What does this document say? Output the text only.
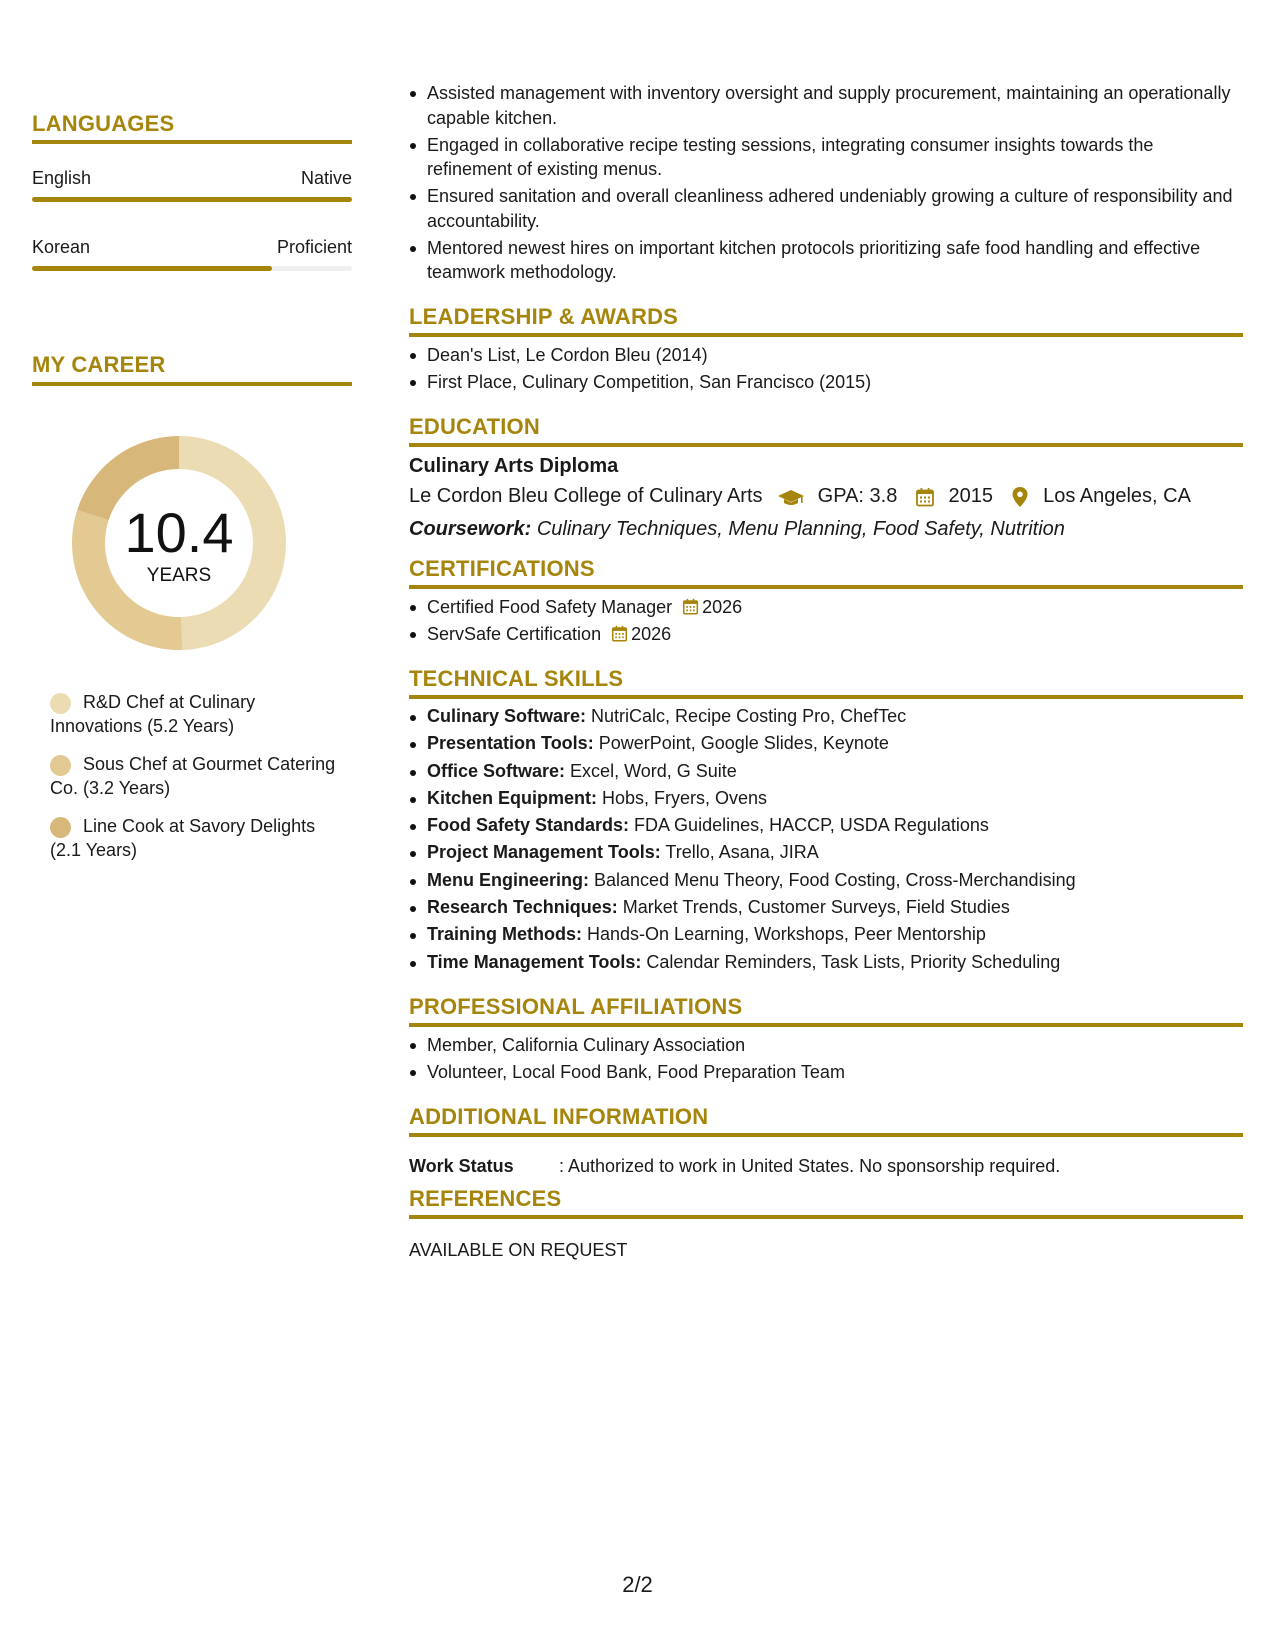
LANGUAGES
English	Native
Korean	Proficient
MY CAREER
10.4
YEARS
R&D Chef at Culinary Innovations (5.2 Years)
Sous Chef at Gourmet Catering Co. (3.2 Years)
Line Cook at Savory Delights (2.1 Years)
Assisted management with inventory oversight and supply procurement, maintaining an operationally capable kitchen.
Engaged in collaborative recipe testing sessions, integrating consumer insights towards the refinement of existing menus.
Ensured sanitation and overall cleanliness adhered undeniably growing a culture of responsibility and accountability.
Mentored newest hires on important kitchen protocols prioritizing safe food handling and effective teamwork methodology.
LEADERSHIP & AWARDS
Dean's List, Le Cordon Bleu (2014)
First Place, Culinary Competition, San Francisco (2015)
EDUCATION
Culinary Arts Diploma
Le Cordon Bleu College of Culinary Arts	GPA: 3.8	2015	Los Angeles, CA
Coursework: Culinary Techniques, Menu Planning, Food Safety, Nutrition
CERTIFICATIONS
Certified Food Safety Manager 2026
ServSafe Certification 2026
TECHNICAL SKILLS
Culinary Software: NutriCalc, Recipe Costing Pro, ChefTec
Presentation Tools: PowerPoint, Google Slides, Keynote
Office Software: Excel, Word, G Suite
Kitchen Equipment: Hobs, Fryers, Ovens
Food Safety Standards: FDA Guidelines, HACCP, USDA Regulations
Project Management Tools: Trello, Asana, JIRA
Menu Engineering: Balanced Menu Theory, Food Costing, Cross-Merchandising
Research Techniques: Market Trends, Customer Surveys, Field Studies
Training Methods: Hands-On Learning, Workshops, Peer Mentorship
Time Management Tools: Calendar Reminders, Task Lists, Priority Scheduling
PROFESSIONAL AFFILIATIONS
Member, California Culinary Association
Volunteer, Local Food Bank, Food Preparation Team
ADDITIONAL INFORMATION
Work Status	: Authorized to work in United States. No sponsorship required.
REFERENCES
AVAILABLE ON REQUEST
2/2
